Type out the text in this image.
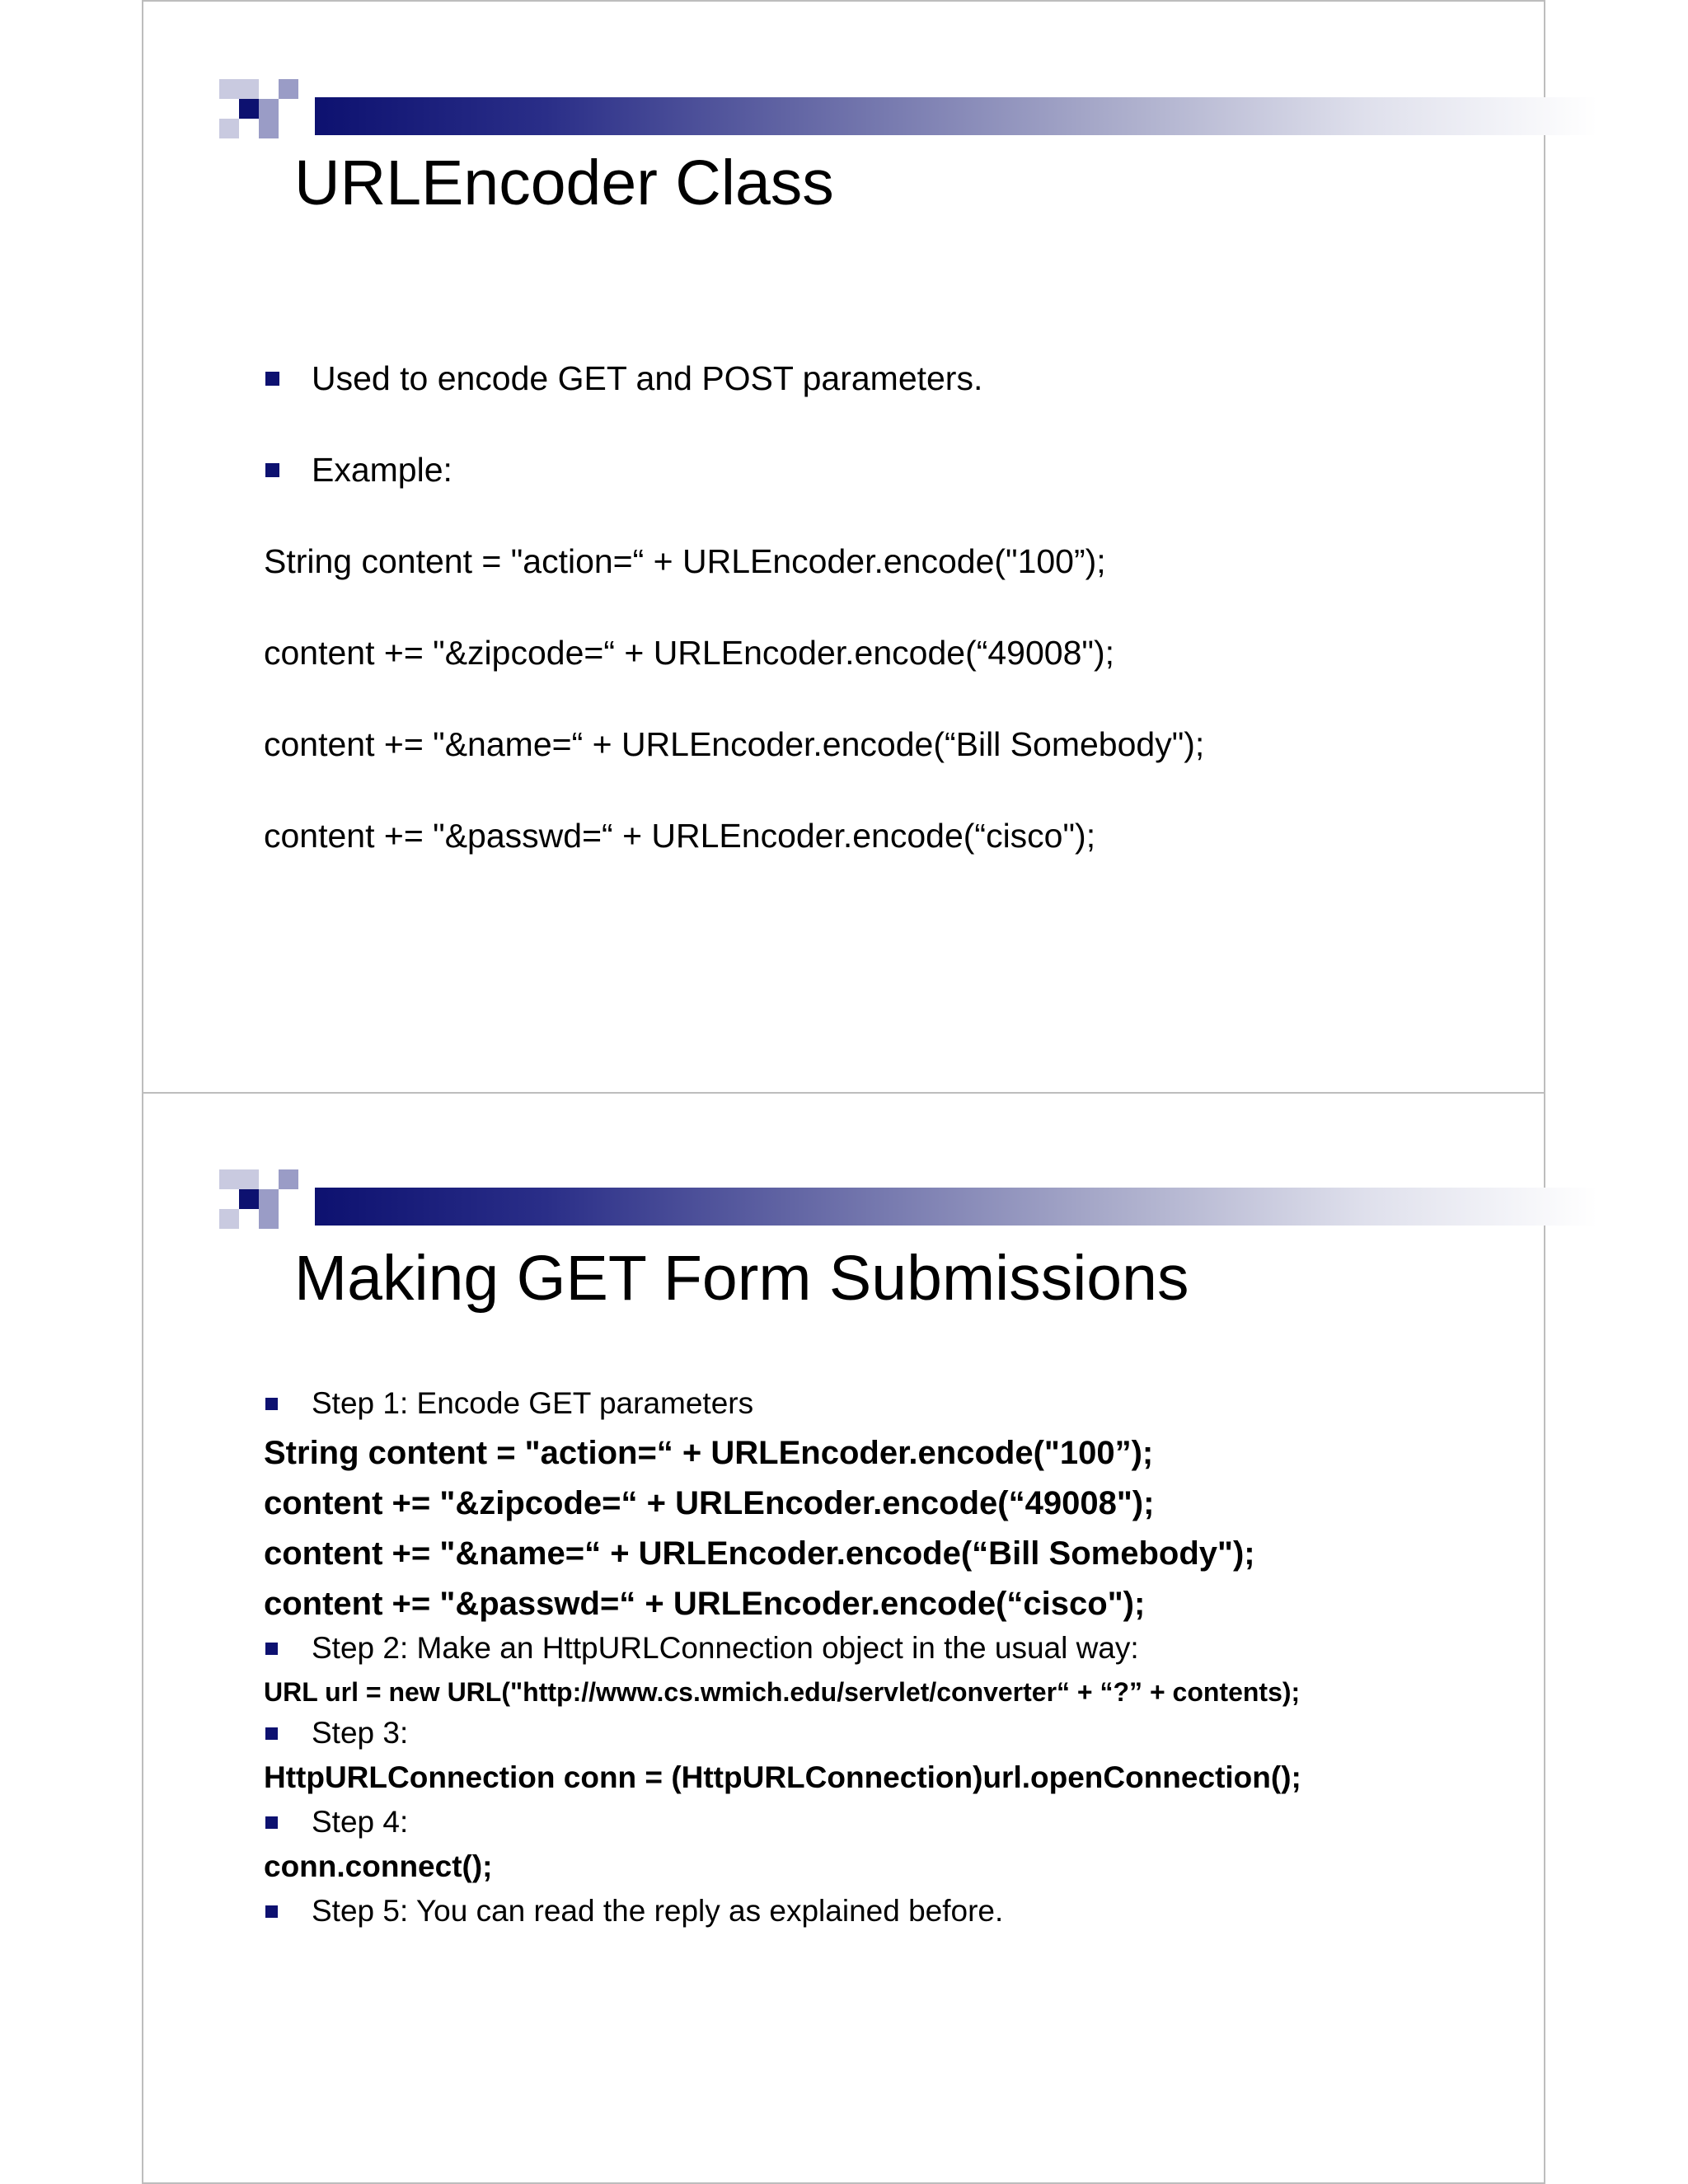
URLEncoder Class
Used to encode GET and POST parameters.
Example:
String content = "action=“ + URLEncoder.encode("100”);
content += "&zipcode=“ + URLEncoder.encode(“49008");
content += "&name=“ + URLEncoder.encode(“Bill Somebody");
content += "&passwd=“ + URLEncoder.encode(“cisco");
Making GET Form Submissions
Step 1: Encode GET parameters
String content = "action=“ + URLEncoder.encode("100”);
content += "&zipcode=“ + URLEncoder.encode(“49008");
content += "&name=“ + URLEncoder.encode(“Bill Somebody");
content += "&passwd=“ + URLEncoder.encode(“cisco");
Step 2: Make an HttpURLConnection object in the usual way:
URL url = new URL("http://www.cs.wmich.edu/servlet/converter“ + “?” + contents);
Step 3:
HttpURLConnection conn = (HttpURLConnection)url.openConnection();
Step 4:
conn.connect();
Step 5: You can read the reply as explained before.
